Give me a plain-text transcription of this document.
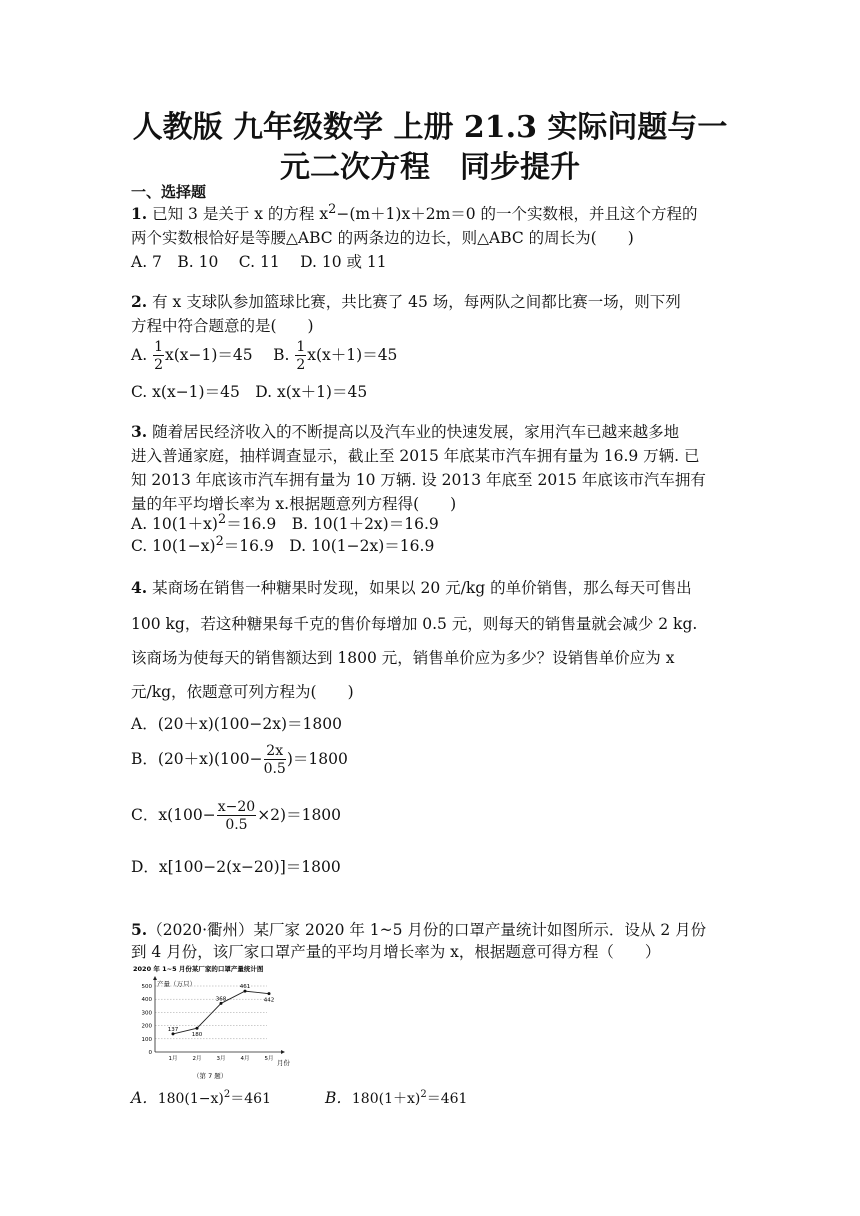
人教版 九年级数学 上册 21.3 实际问题与一
元二次方程　同步提升
一、选择题
1. 已知 3 是关于 x 的方程 $x^2-(m+1)x+2m=0$ 的一个实数根，并且这个方程的
两个实数根恰好是等腰△ABC 的两条边的边长，则△ABC 的周长为(　　)
A. 7　B. 10　 C. 11　 D. 10 或 11
2. 有 x 支球队参加篮球比赛，共比赛了 45 场，每两队之间都比赛一场，则下列
方程中符合题意的是(　　)
A. $\frac{1}{2} x(x-1)=45$　 B. $\frac{1}{2} x(x+1)=45$
C. x(x−1)＝45　D. x(x＋1)＝45
3. 随着居民经济收入的不断提高以及汽车业的快速发展，家用汽车已越来越多地
进入普通家庭，抽样调查显示，截止至 2015 年底某市汽车拥有量为 16.9 万辆. 已
知 2013 年底该市汽车拥有量为 10 万辆. 设 2013 年底至 2015 年底该市汽车拥有
量的年平均增长率为 x.根据题意列方程得(　　)
A. $10(1+x)^2=16.9$　B. 10(1＋2x)＝16.9
C. $10(1-x)^2=16.9$　D. 10(1−2x)＝16.9
4. 某商场在销售一种糖果时发现，如果以 20 元/kg 的单价销售，那么每天可售出
100 kg，若这种糖果每千克的售价每增加 0.5 元，则每天的销售量就会减少 2 kg.
该商场为使每天的销售额达到 1800 元，销售单价应为多少？设销售单价应为 x
元/kg，依题意可列方程为(　　)
A．(20＋x)(100−2x)＝1800
B．$(20+x)(100- \frac{2x}{0.5} )=1800$
C．$x(100- \frac{x-20}{0.5} \times 2)=1800$
D．x[100−2(x−20)]＝1800
5.（2020·衢州）某厂家 2020 年 1~5 月份的口罩产量统计如图所示．设从 2 月份
到 4 月份，该厂家口罩产量的平均月增长率为 x，根据题意可得方程（　　）
2020 年 1~5 月份某厂家的口罩产量统计图
产量（万只）
月份
（第 7 题）
0
100
200
300
400
500
1月	2月	3月	4月	5月
137
180
368
461
442
A．$180(1-x)^2=461$	B．$180(1+x)^2=461$
